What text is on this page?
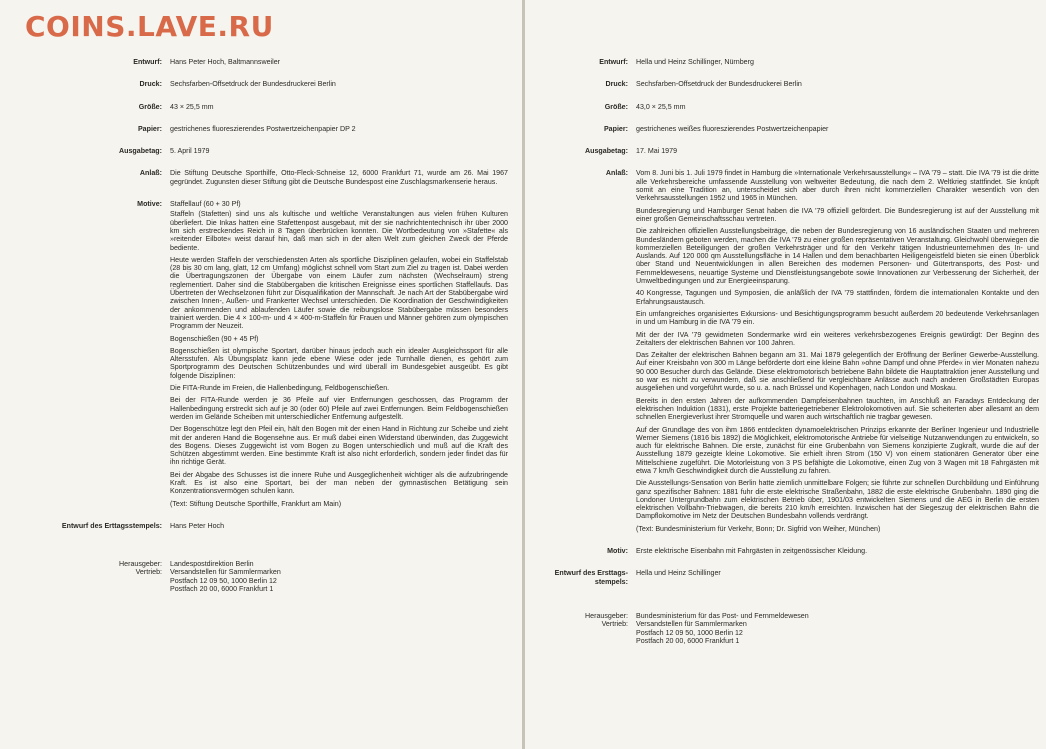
Entwurf:	Hans Peter Hoch, Baltmannsweiler

Druck:	Sechsfarben-Offsetdruck der Bundesdruckerei Berlin

Größe:	43 × 25,5 mm

Papier:	gestrichenes fluoreszierendes Postwertzeichenpapier DP 2

Ausgabetag:	5. April 1979

Anlaß:	Die Stiftung Deutsche Sporthilfe, Otto-Fleck-Schneise 12, 6000 Frankfurt 71, wurde am 26. Mai 1967 gegründet. Zugunsten dieser Stiftung gibt die Deutsche Bundespost eine Zuschlagsmarkenserie heraus.

Motive:	Staffellauf (60 + 30 Pf)

Staffeln (Stafetten) sind uns als kultische und weltliche Veranstaltungen aus vielen frühen Kulturen überliefert. Die Inkas hatten eine Stafettenpost ausgebaut, mit der sie nachrichtentechnisch ihr über 2000 km sich erstreckendes Reich in 8 Tagen überbrücken konnten. Die Wortbedeutung von »Stafette« als »reitender Eilbote« weist darauf hin, daß man sich in der alten Welt zum gleichen Zweck der Pferde bediente.

Heute werden Staffeln der verschiedensten Arten als sportliche Disziplinen gelaufen, wobei ein Staffelstab (28 bis 30 cm lang, glatt, 12 cm Umfang) möglichst schnell vom Start zum Ziel zu tragen ist. Dabei werden die Übertragungszonen der Übergabe von einem Läufer zum nächsten (Wechselraum) streng reglementiert. Daher sind die Stabübergaben die kritischen Ereignisse eines sportlichen Staffellaufs. Das Übertreten der Wechselzonen führt zur Disqualifikation der Mannschaft. Je nach Art der Stabübergabe wird zwischen Innen-, Außen- und Frankerter Wechsel unterschieden. Die Koordination der Geschwindigkeiten der ankommenden und ablaufenden Läufer sowie die reibungslose Stabübergabe müssen besonders trainiert werden. Die 4 × 100-m- und 4 × 400-m-Staffeln für Frauen und Männer gehören zum olympischen Programm der Neuzeit.

Bogenschießen (90 + 45 Pf)

Bogenschießen ist olympische Sportart, darüber hinaus jedoch auch ein idealer Ausgleichssport für alle Altersstufen. Als Übungsplatz kann jede ebene Wiese oder jede Turnhalle dienen, es gehört zum Sportprogramm des Deutschen Schützenbundes und wird überall im Bundesgebiet ausgeübt. Es gibt folgende Disziplinen:

Die FITA-Runde im Freien, die Hallenbedingung, Feldbogenschießen.

Bei der FITA-Runde werden je 36 Pfeile auf vier Entfernungen geschossen, das Programm der Hallenbedingung erstreckt sich auf je 30 (oder 60) Pfeile auf zwei Entfernungen. Beim Feldbogenschießen werden im Gelände Scheiben mit unterschiedlicher Entfernung aufgestellt.

Der Bogenschütze legt den Pfeil ein, hält den Bogen mit der einen Hand in Richtung zur Scheibe und zieht mit der anderen Hand die Bogensehne aus. Er muß dabei einen Widerstand überwinden, das Zuggewicht des Bogens. Dieses Zuggewicht ist vom Bogen zu Bogen unterschiedlich und muß auf die Kraft des Schützen abgestimmt werden. Eine bestimmte Kraft ist also nicht erforderlich, sondern jeder findet das für ihn richtige Gerät.

Bei der Abgabe des Schusses ist die innere Ruhe und Ausgeglichenheit wichtiger als die aufzubringende Kraft. Es ist also eine Sportart, bei der man neben der gymnastischen Betätigung sein Konzentrationsvermögen schulen kann.

(Text: Stiftung Deutsche Sporthilfe, Frankfurt am Main)

Entwurf des Erttagsstempels:	Hans Peter Hoch

Herausgeber:	Landespostdirektion Berlin
Vertrieb:	Versandstellen für Sammlermarken
Postfach 12 09 50, 1000 Berlin 12
Postfach 20 00, 6000 Frankfurt 1
Entwurf:	Hella und Heinz Schillinger, Nürnberg

Druck:	Sechsfarben-Offsetdruck der Bundesdruckerei Berlin

Größe:	43,0 × 25,5 mm

Papier:	gestrichenes weißes fluoreszierendes Postwertzeichenpapier

Ausgabetag:	17. Mai 1979

Anlaß:	Vom 8. Juni bis 1. Juli 1979 findet in Hamburg die »Internationale Verkehrsausstellung« – IVA '79 – statt. Die IVA '79 ist die dritte alle Verkehrsbereiche umfassende Ausstellung von weltweiter Bedeutung, die nach dem 2. Weltkrieg stattfindet. Sie knüpft somit an eine Tradition an, unterscheidet sich aber durch ihren nicht kommerziellen Charakter wesentlich von den Verkehrsausstellungen 1952 und 1965 in München.

Bundesregierung und Hamburger Senat haben die IVA '79 offiziell gefördert. Die Bundesregierung ist auf der Ausstellung mit einer großen Gemeinschaftsschau vertreten.

Die zahlreichen offiziellen Ausstellungsbeiträge, die neben der Bundesregierung von 16 ausländischen Staaten und mehreren Bundesländern geboten werden, machen die IVA '79 zu einer großen repräsentativen Veranstaltung. Gleichwohl überwiegen die kommerziellen Beteiligungen der großen Verkehrsträger und für den Verkehr tätigen Industrieunternehmen des In- und Auslands. Auf 120 000 qm Ausstellungsfläche in 14 Hallen und dem benachbarten Heiligengeistfeld bieten sie einen Überblick über Stand und Neuentwicklungen in allen Bereichen des modernen Personen- und Gütertransports, des Post- und Fernmeldewesens, neuartige Systeme und Dienstleistungsangebote sowie Innovationen zur Verbesserung der Sicherheit, der Umweltbedingungen und zur Energieeinsparung.

40 Kongresse, Tagungen und Symposien, die anläßlich der IVA '79 stattfinden, fördern die internationalen Kontakte und den Erfahrungsaustausch.

Ein umfangreiches organisiertes Exkursions- und Besichtigungsprogramm besucht außerdem 20 bedeutende Verkehrsanlagen in und um Hamburg in die IVA '79 ein.

Mit der der IVA '79 gewidmeten Sondermarke wird ein weiteres verkehrsbezogenes Ereignis gewürdigt: Der Beginn des Zeitalters der elektrischen Bahnen vor 100 Jahren.

Das Zeitalter der elektrischen Bahnen begann am 31. Mai 1879 gelegentlich der Eröffnung der Berliner Gewerbe-Ausstellung. Auf einer Kreisbahn von 300 m Länge beförderte dort eine kleine Bahn »ohne Dampf und ohne Pferde« in vier Monaten nahezu 90 000 Besucher durch das Gelände. Diese elektromotorisch betriebene Bahn bildete die Hauptattraktion jener Ausstellung und so war es nicht zu verwundern, daß sie anschließend für vergleichbare Anlässe auch nach anderen Großstädten Europas ausgeliehen und vorgeführt wurde, so u. a. nach Brüssel und Kopenhagen, nach London und Moskau.

Bereits in den ersten Jahren der aufkommenden Dampfeisenbahnen tauchten, im Anschluß an Faradays Entdeckung der elektrischen Induktion (1831), erste Projekte batteriegetriebener Elektrolokomotiven auf. Sie scheiterten aber allesamt an dem schnellen Energieverlust ihrer Stromquelle und waren auch wirtschaftlich nie tragbar gewesen.

Auf der Grundlage des von ihm 1866 entdeckten dynamoelektrischen Prinzips erkannte der Berliner Ingenieur und Industrielle Werner Siemens (1816 bis 1892) die Möglichkeit, elektromotorische Antriebe für vielseitige Nutzanwendungen zu entwickeln, so auch für elektrische Bahnen. Die erste, zunächst für eine Grubenbahn von Siemens konzipierte Zugkraft, wurde die auf der Ausstellung 1879 gezeigte kleine Lokomotive. Sie erhielt ihren Strom (150 V) von einem stationären Generator über eine Mittelschiene zugeführt. Die Motorleistung von 3 PS befähigte die Lokomotive, einen Zug von 3 Wagen mit 18 Fahrgästen mit etwa 7 km/h Geschwindigkeit durch die Ausstellung zu fahren.

Die Ausstellungs-Sensation von Berlin hatte ziemlich unmittelbare Folgen; sie führte zur schnellen Durchbildung und Einführung ganz spezifischer Bahnen: 1881 fuhr die erste elektrische Straßenbahn, 1882 die erste elektrische Grubenbahn. 1890 ging die Londoner Untergrundbahn zum elektrischen Betrieb über, 1901/03 entwickelten Siemens und die AEG in Berlin die ersten elektrischen Vollbahn-Triebwagen, die bereits 210 km/h erreichten. Inzwischen hat der Siegeszug der elektrischen Bahn die Dampflokomotive im Netz der Deutschen Bundesbahn vollends verdrängt.

(Text: Bundesministerium für Verkehr, Bonn; Dr. Sigfrid von Weiher, München)

Motiv:	Erste elektrische Eisenbahn mit Fahrgästen in zeitgenössischer Kleidung.

Entwurf des Ersttagsstempels:

Hella und Heinz Schillinger

Herausgeber:	Bundesministerium für das Post- und Fernmeldewesen
Vertrieb:	Versandstellen für Sammlermarken
Postfach 12 09 50, 1000 Berlin 12
Postfach 20 00, 6000 Frankfurt 1
COINS.LAVE.RU
